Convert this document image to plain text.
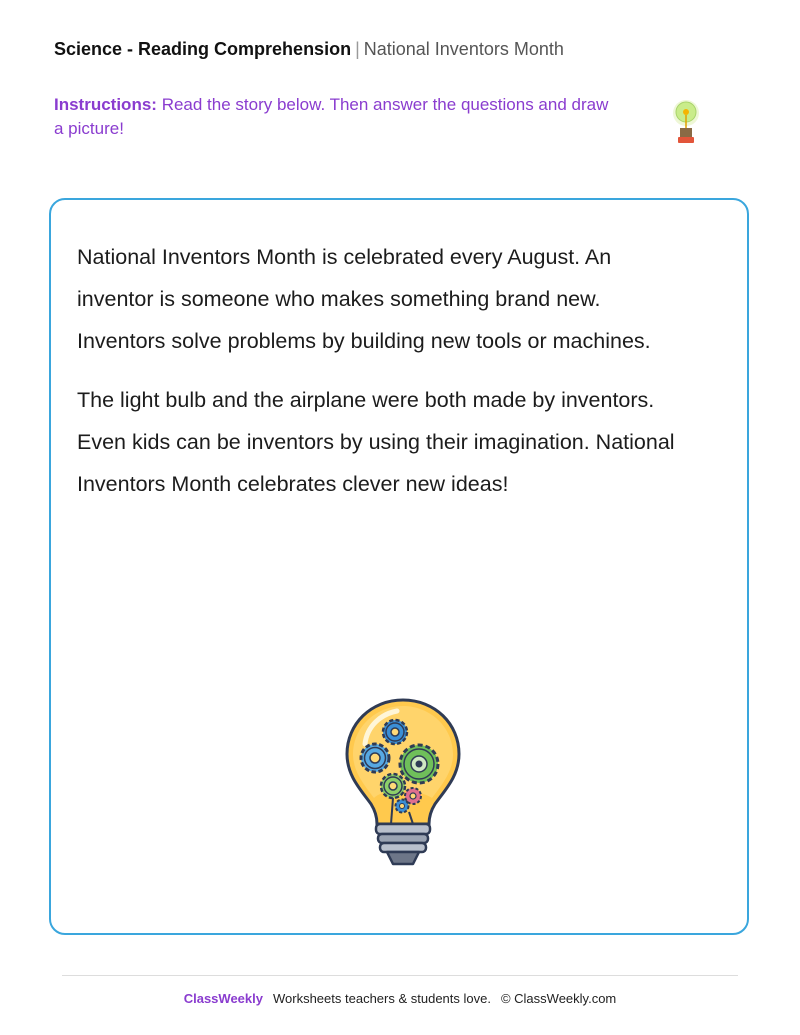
Science - Reading Comprehension | National Inventors Month
Instructions: Read the story below. Then answer the questions and draw a picture!

National Inventors Month is celebrated every August. An inventor is someone who makes something brand new. Inventors solve problems by building new tools or machines.

The light bulb and the airplane were both made by inventors. Even kids can be inventors by using their imagination. National Inventors Month celebrates clever new ideas!

ClassWeekly Worksheets teachers & students love. © ClassWeekly.com
